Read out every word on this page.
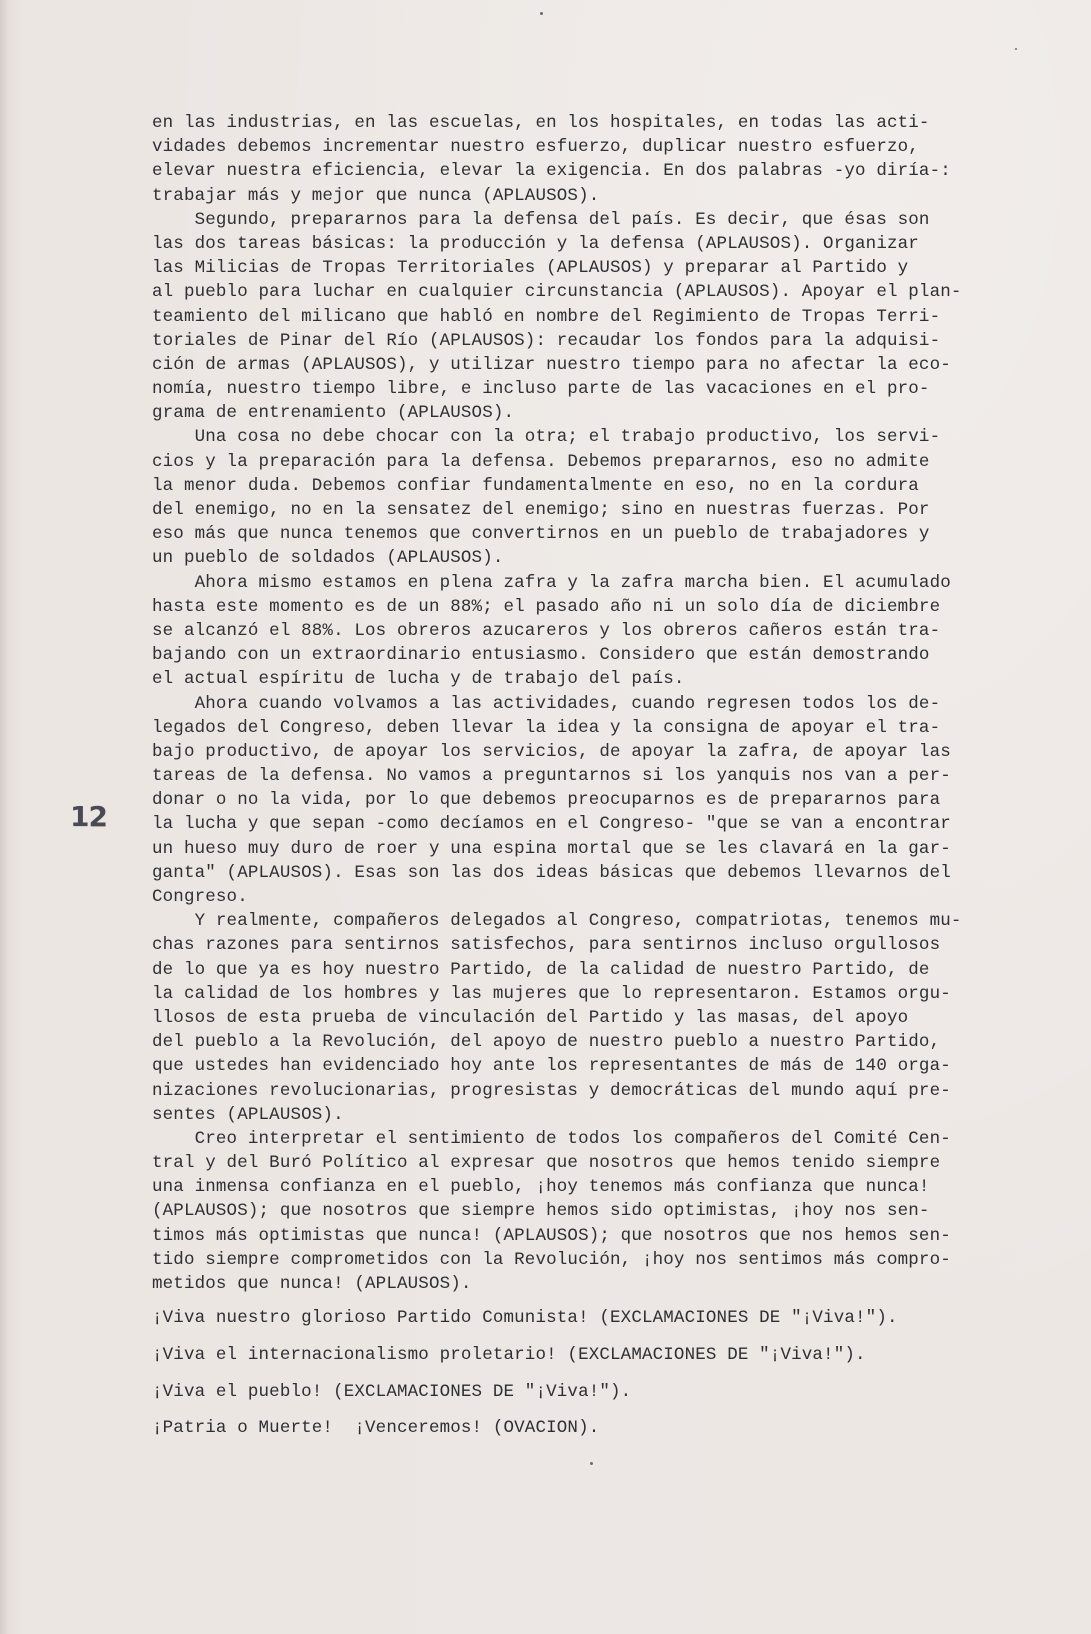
12
en las industrias, en las escuelas, en los hospitales, en todas las acti-
vidades debemos incrementar nuestro esfuerzo, duplicar nuestro esfuerzo,
elevar nuestra eficiencia, elevar la exigencia. En dos palabras -yo diría-:
trabajar más y mejor que nunca (APLAUSOS).
Segundo, prepararnos para la defensa del país. Es decir, que ésas son
las dos tareas básicas: la producción y la defensa (APLAUSOS). Organizar
las Milicias de Tropas Territoriales (APLAUSOS) y preparar al Partido y
al pueblo para luchar en cualquier circunstancia (APLAUSOS). Apoyar el plan-
teamiento del milicano que habló en nombre del Regimiento de Tropas Terri-
toriales de Pinar del Río (APLAUSOS): recaudar los fondos para la adquisi-
ción de armas (APLAUSOS), y utilizar nuestro tiempo para no afectar la eco-
nomía, nuestro tiempo libre, e incluso parte de las vacaciones en el pro-
grama de entrenamiento (APLAUSOS).
Una cosa no debe chocar con la otra; el trabajo productivo, los servi-
cios y la preparación para la defensa. Debemos prepararnos, eso no admite
la menor duda. Debemos confiar fundamentalmente en eso, no en la cordura
del enemigo, no en la sensatez del enemigo; sino en nuestras fuerzas. Por
eso más que nunca tenemos que convertirnos en un pueblo de trabajadores y
un pueblo de soldados (APLAUSOS).
Ahora mismo estamos en plena zafra y la zafra marcha bien. El acumulado
hasta este momento es de un 88%; el pasado año ni un solo día de diciembre
se alcanzó el 88%. Los obreros azucareros y los obreros cañeros están tra-
bajando con un extraordinario entusiasmo. Considero que están demostrando
el actual espíritu de lucha y de trabajo del país.
Ahora cuando volvamos a las actividades, cuando regresen todos los de-
legados del Congreso, deben llevar la idea y la consigna de apoyar el tra-
bajo productivo, de apoyar los servicios, de apoyar la zafra, de apoyar las
tareas de la defensa. No vamos a preguntarnos si los yanquis nos van a per-
donar o no la vida, por lo que debemos preocuparnos es de prepararnos para
la lucha y que sepan -como decíamos en el Congreso- "que se van a encontrar
un hueso muy duro de roer y una espina mortal que se les clavará en la gar-
ganta" (APLAUSOS). Esas son las dos ideas básicas que debemos llevarnos del
Congreso.
Y realmente, compañeros delegados al Congreso, compatriotas, tenemos mu-
chas razones para sentirnos satisfechos, para sentirnos incluso orgullosos
de lo que ya es hoy nuestro Partido, de la calidad de nuestro Partido, de
la calidad de los hombres y las mujeres que lo representaron. Estamos orgu-
llosos de esta prueba de vinculación del Partido y las masas, del apoyo
del pueblo a la Revolución, del apoyo de nuestro pueblo a nuestro Partido,
que ustedes han evidenciado hoy ante los representantes de más de 140 orga-
nizaciones revolucionarias, progresistas y democráticas del mundo aquí pre-
sentes (APLAUSOS).
Creo interpretar el sentimiento de todos los compañeros del Comité Cen-
tral y del Buró Político al expresar que nosotros que hemos tenido siempre
una inmensa confianza en el pueblo, ¡hoy tenemos más confianza que nunca!
(APLAUSOS); que nosotros que siempre hemos sido optimistas, ¡hoy nos sen-
timos más optimistas que nunca! (APLAUSOS); que nosotros que nos hemos sen-
tido siempre comprometidos con la Revolución, ¡hoy nos sentimos más compro-
metidos que nunca! (APLAUSOS).
¡Viva nuestro glorioso Partido Comunista! (EXCLAMACIONES DE "¡Viva!").
¡Viva el internacionalismo proletario! (EXCLAMACIONES DE "¡Viva!").
¡Viva el pueblo! (EXCLAMACIONES DE "¡Viva!").
¡Patria o Muerte!  ¡Venceremos! (OVACION).
